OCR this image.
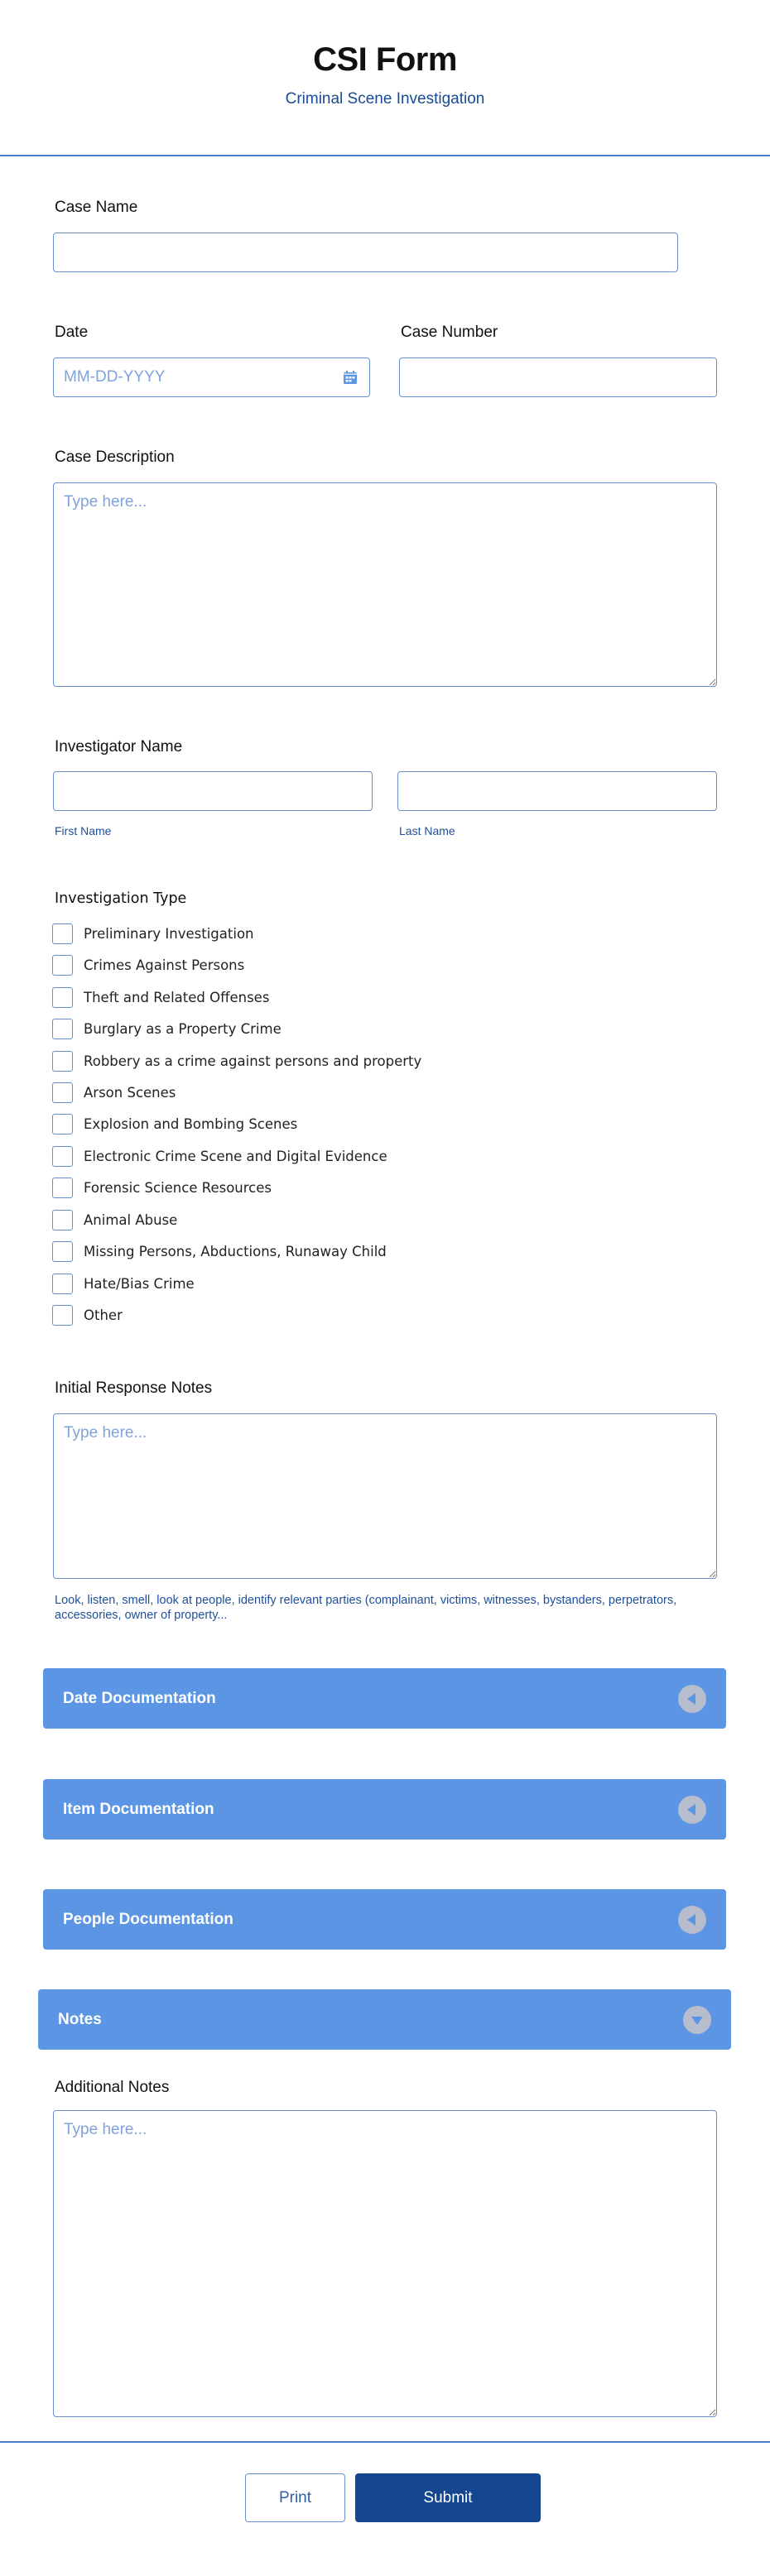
CSI Form
Criminal Scene Investigation
Case Name
Date
MM-DD-YYYY	Case Number
Case Description
Type here...
Investigator Name
First Name	Last Name
Investigation Type
Preliminary Investigation
Crimes Against Persons
Theft and Related Offenses
Burglary as a Property Crime
Robbery as a crime against persons and property
Arson Scenes
Explosion and Bombing Scenes
Electronic Crime Scene and Digital Evidence
Forensic Science Resources
Animal Abuse
Missing Persons, Abductions, Runaway Child
Hate/Bias Crime
Other
Initial Response Notes
Type here...
Look, listen, smell, look at people, identify relevant parties (complainant, victims, witnesses, bystanders, perpetrators, accessories, owner of property...
Date Documentation
Item Documentation
People Documentation
Notes
Additional Notes
Type here...
Print	Submit
